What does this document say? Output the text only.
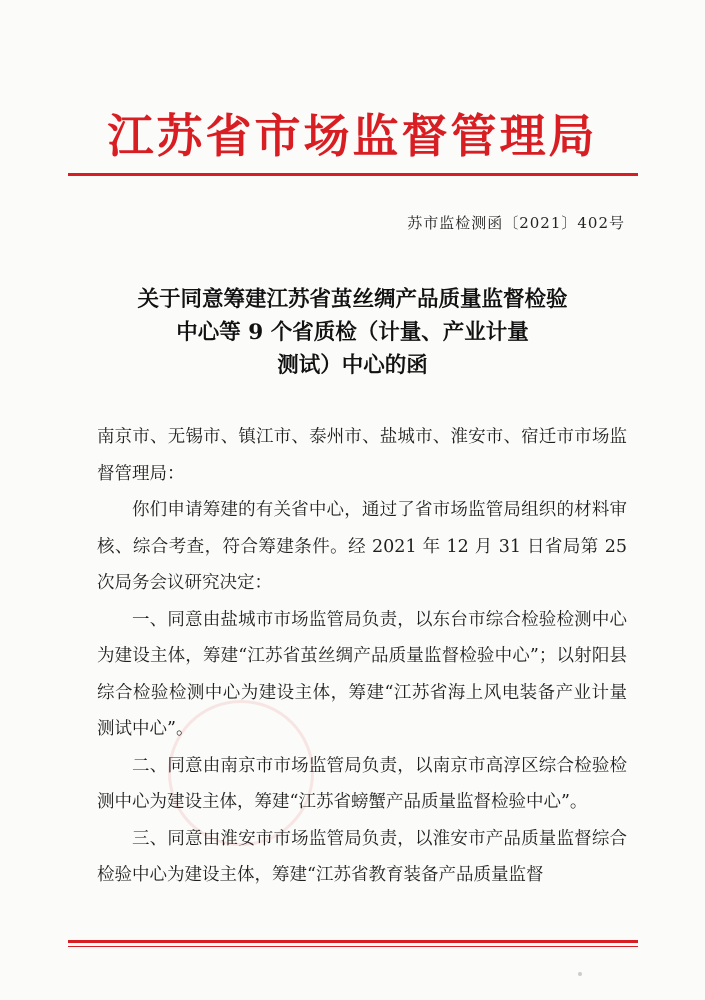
江苏省市场监督管理局
苏市监检测函〔2021〕402号
关于同意筹建江苏省茧丝绸产品质量监督检验
中心等 9 个省质检（计量、产业计量
测试）中心的函

南京市、无锡市、镇江市、泰州市、盐城市、淮安市、宿迁市市场监督管理局：

你们申请筹建的有关省中心，通过了省市场监管局组织的材料审核、综合考查，符合筹建条件。经 2021 年 12 月 31 日省局第 25 次局务会议研究决定：

一、同意由盐城市市场监管局负责，以东台市综合检验检测中心为建设主体，筹建“江苏省茧丝绸产品质量监督检验中心”；以射阳县综合检验检测中心为建设主体，筹建“江苏省海上风电装备产业计量测试中心”。

二、同意由南京市市场监管局负责，以南京市高淳区综合检验检测中心为建设主体，筹建“江苏省螃蟹产品质量监督检验中心”。

三、同意由淮安市市场监管局负责，以淮安市产品质量监督综合检验中心为建设主体，筹建“江苏省教育装备产品质量监督
